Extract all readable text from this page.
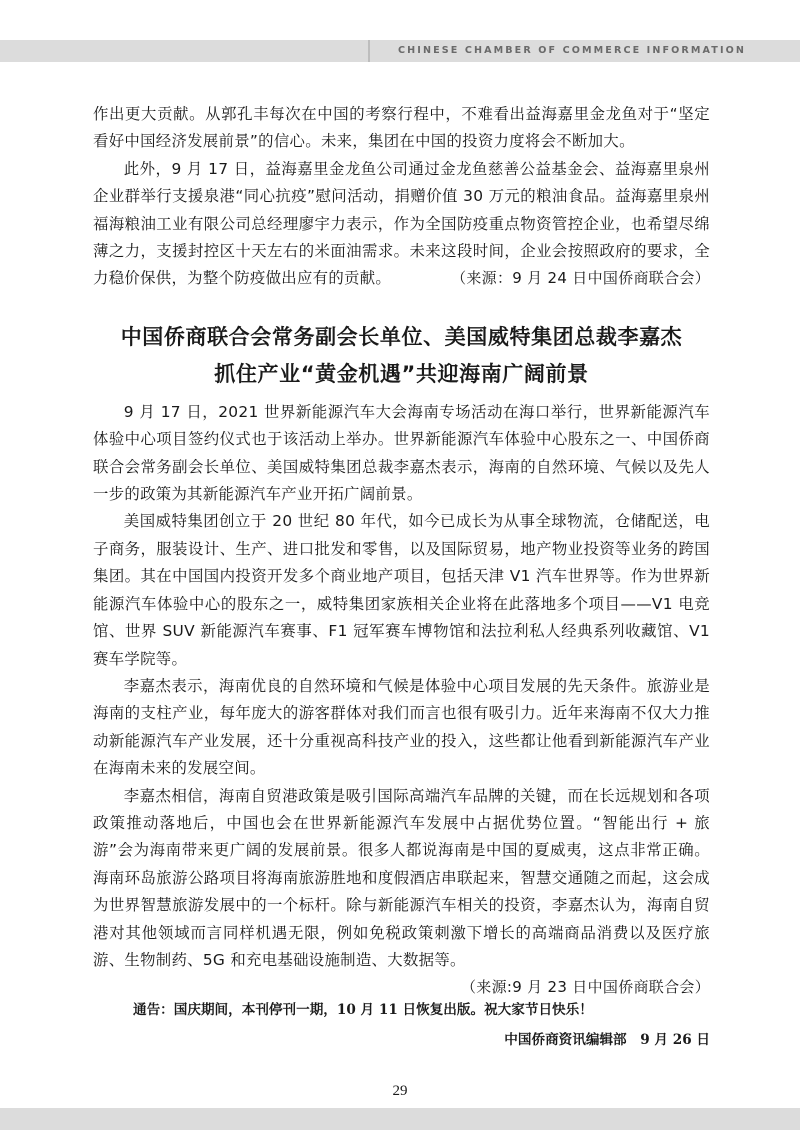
CHINESE CHAMBER OF COMMERCE INFORMATION

作出更大贡献。从郭孔丰每次在中国的考察行程中，不难看出益海嘉里金龙鱼对于“坚定看好中国经济发展前景”的信心。未来，集团在中国的投资力度将会不断加大。

此外，9 月 17 日，益海嘉里金龙鱼公司通过金龙鱼慈善公益基金会、益海嘉里泉州企业群举行支援泉港“同心抗疫”慰问活动，捐赠价值 30 万元的粮油食品。益海嘉里泉州福海粮油工业有限公司总经理廖宇力表示，作为全国防疫重点物资管控企业，也希望尽绵薄之力，支援封控区十天左右的米面油需求。未来这段时间，企业会按照政府的要求，全力稳价保供，为整个防疫做出应有的贡献。	（来源：9 月 24 日中国侨商联合会）

中国侨商联合会常务副会长单位、美国威特集团总裁李嘉杰

抓住产业“黄金机遇”共迎海南广阔前景

9 月 17 日，2021 世界新能源汽车大会海南专场活动在海口举行，世界新能源汽车体验中心项目签约仪式也于该活动上举办。世界新能源汽车体验中心股东之一、中国侨商联合会常务副会长单位、美国威特集团总裁李嘉杰表示，海南的自然环境、气候以及先人一步的政策为其新能源汽车产业开拓广阔前景。

美国威特集团创立于 20 世纪 80 年代，如今已成长为从事全球物流，仓储配送，电子商务，服装设计、生产、进口批发和零售，以及国际贸易，地产物业投资等业务的跨国集团。其在中国国内投资开发多个商业地产项目，包括天津 V1 汽车世界等。作为世界新能源汽车体验中心的股东之一，威特集团家族相关企业将在此落地多个项目——V1 电竞馆、世界 SUV 新能源汽车赛事、F1 冠军赛车博物馆和法拉利私人经典系列收藏馆、V1 赛车学院等。

李嘉杰表示，海南优良的自然环境和气候是体验中心项目发展的先天条件。旅游业是海南的支柱产业，每年庞大的游客群体对我们而言也很有吸引力。近年来海南不仅大力推动新能源汽车产业发展，还十分重视高科技产业的投入，这些都让他看到新能源汽车产业在海南未来的发展空间。

李嘉杰相信，海南自贸港政策是吸引国际高端汽车品牌的关键，而在长远规划和各项政策推动落地后，中国也会在世界新能源汽车发展中占据优势位置。“智能出行 + 旅游”会为海南带来更广阔的发展前景。很多人都说海南是中国的夏威夷，这点非常正确。海南环岛旅游公路项目将海南旅游胜地和度假酒店串联起来，智慧交通随之而起，这会成为世界智慧旅游发展中的一个标杆。除与新能源汽车相关的投资，李嘉杰认为，海南自贸港对其他领域而言同样机遇无限，例如免税政策刺激下增长的高端商品消费以及医疗旅游、生物制药、5G 和充电基础设施制造、大数据等。
（来源:9 月 23 日中国侨商联合会）

通告：国庆期间，本刊停刊一期，10 月 11 日恢复出版。祝大家节日快乐！
中国侨商资讯编辑部　9 月 26 日
29
